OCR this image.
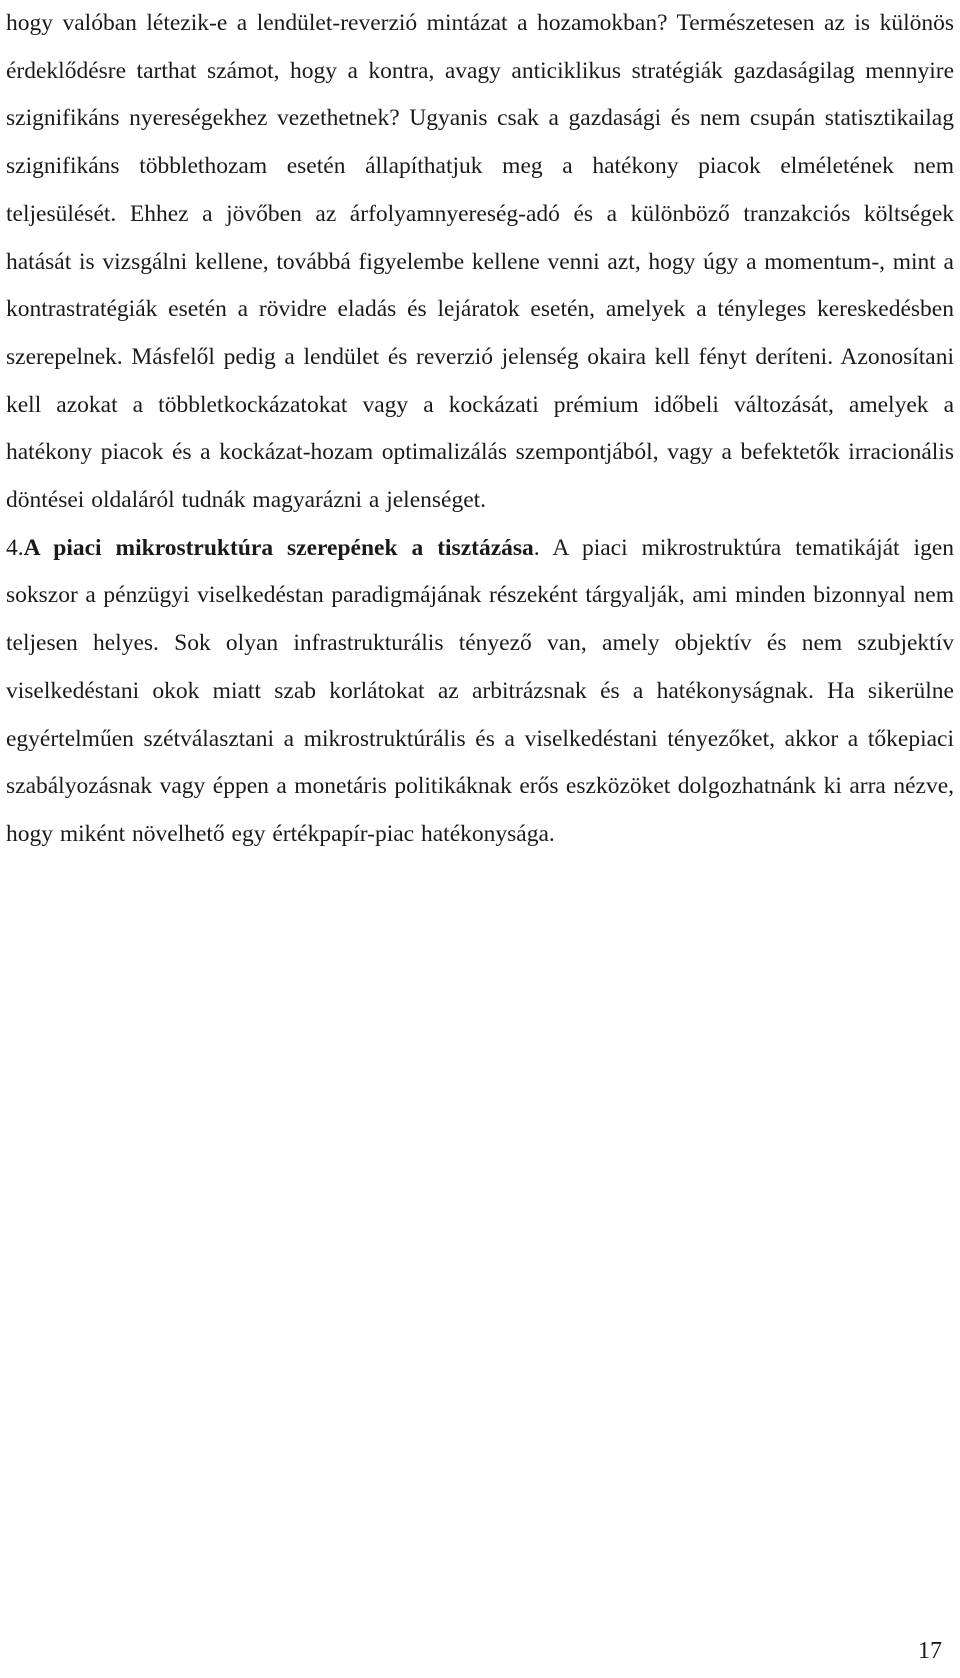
hogy valóban létezik-e a lendület-reverzió mintázat a hozamokban? Természetesen az is különös érdeklődésre tarthat számot, hogy a kontra, avagy anticiklikus stratégiák gazdaságilag mennyire szignifikáns nyereségekhez vezethetnek? Ugyanis csak a gazdasági és nem csupán statisztikailag szignifikáns többlethozam esetén állapíthatjuk meg a hatékony piacok elméletének nem teljesülését. Ehhez a jövőben az árfolyamnyereség-adó és a különböző tranzakciós költségek hatását is vizsgálni kellene, továbbá figyelembe kellene venni azt, hogy úgy a momentum-, mint a kontrastratégiák esetén a rövidre eladás és lejáratok esetén, amelyek a tényleges kereskedésben szerepelnek. Másfelől pedig a lendület és reverzió jelenség okaira kell fényt deríteni. Azonosítani kell azokat a többletkockázatokat vagy a kockázati prémium időbeli változását, amelyek a hatékony piacok és a kockázat-hozam optimalizálás szempontjából, vagy a befektetők irracionális döntései oldaláról tudnák magyarázni a jelenséget.

4.A piaci mikrostruktúra szerepének a tisztázása. A piaci mikrostruktúra tematikáját igen sokszor a pénzügyi viselkedéstan paradigmájának részeként tárgyalják, ami minden bizonnyal nem teljesen helyes. Sok olyan infrastrukturális tényező van, amely objektív és nem szubjektív viselkedéstani okok miatt szab korlátokat az arbitrázsnak és a hatékonyságnak. Ha sikerülne egyértelműen szétválasztani a mikrostruktúrális és a viselkedéstani tényezőket, akkor a tőkepiaci szabályozásnak vagy éppen a monetáris politikáknak erős eszközöket dolgozhatnánk ki arra nézve, hogy miként növelhető egy értékpapír-piac hatékonysága.

17
